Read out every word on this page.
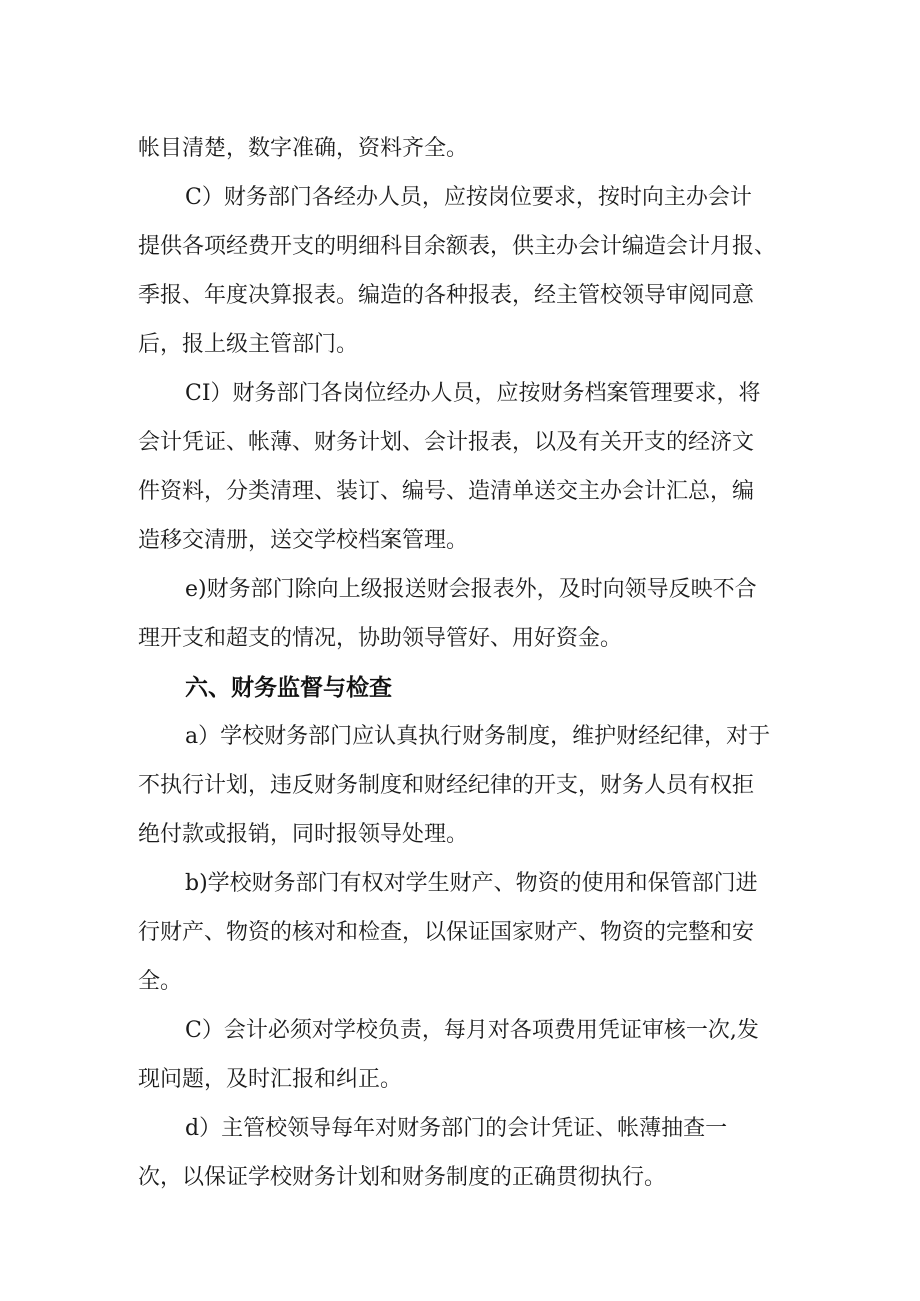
帐目清楚，数字准确，资料齐全。

C）财务部门各经办人员，应按岗位要求，按时向主办会计

提供各项经费开支的明细科目余额表，供主办会计编造会计月报、

季报、年度决算报表。编造的各种报表，经主管校领导审阅同意

后，报上级主管部门。

CI）财务部门各岗位经办人员，应按财务档案管理要求，将

会计凭证、帐薄、财务计划、会计报表，以及有关开支的经济文

件资料，分类清理、装订、编号、造清单送交主办会计汇总，编

造移交清册，送交学校档案管理。

e)财务部门除向上级报送财会报表外，及时向领导反映不合

理开支和超支的情况，协助领导管好、用好资金。

六、财务监督与检查

a）学校财务部门应认真执行财务制度，维护财经纪律，对于

不执行计划，违反财务制度和财经纪律的开支，财务人员有权拒

绝付款或报销，同时报领导处理。

b)学校财务部门有权对学生财产、物资的使用和保管部门进

行财产、物资的核对和检查，以保证国家财产、物资的完整和安

全。

C）会计必须对学校负责，每月对各项费用凭证审核一次,发

现问题，及时汇报和纠正。

d）主管校领导每年对财务部门的会计凭证、帐薄抽查一

次，以保证学校财务计划和财务制度的正确贯彻执行。
